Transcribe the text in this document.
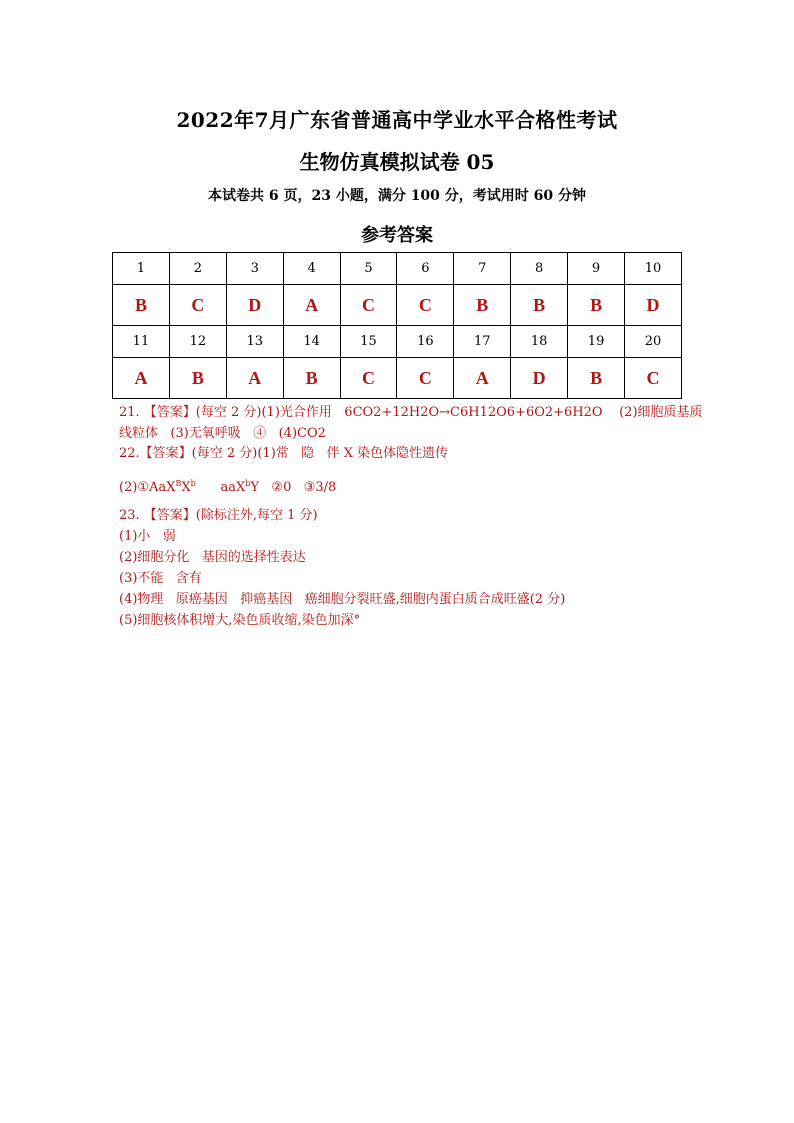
2022年7月广东省普通高中学业水平合格性考试
生物仿真模拟试卷 05
本试卷共 6 页，23 小题，满分 100 分，考试用时 60 分钟
参考答案
1	2	3	4	5	6	7	8	9	10
B	C	D	A	C	C	B	B	B	D
11	12	13	14	15	16	17	18	19	20
A	B	A	B	C	C	A	D	B	C

21. 【答案】(每空 2 分)(1)光合作用   6CO2+12H2O→C6H12O6+6O2+6H2O    (2)细胞质基质

线粒体   (3)无氧呼吸   ④   (4)CO2

22.【答案】(每空 2 分)(1)常   隐   伴 X 染色体隐性遗传

$(2)①AaX^BX^b$      aaX$^b$Y   ②0   ③3/8

23. 【答案】(除标注外,每空 1 分)

(1)小   弱

(2)细胞分化   基因的选择性表达

(3)不能   含有

(4)物理   原癌基因   抑癌基因   癌细胞分裂旺盛,细胞内蛋白质合成旺盛(2 分)

(5)细胞核体积增大,染色质收缩,染色加深°
